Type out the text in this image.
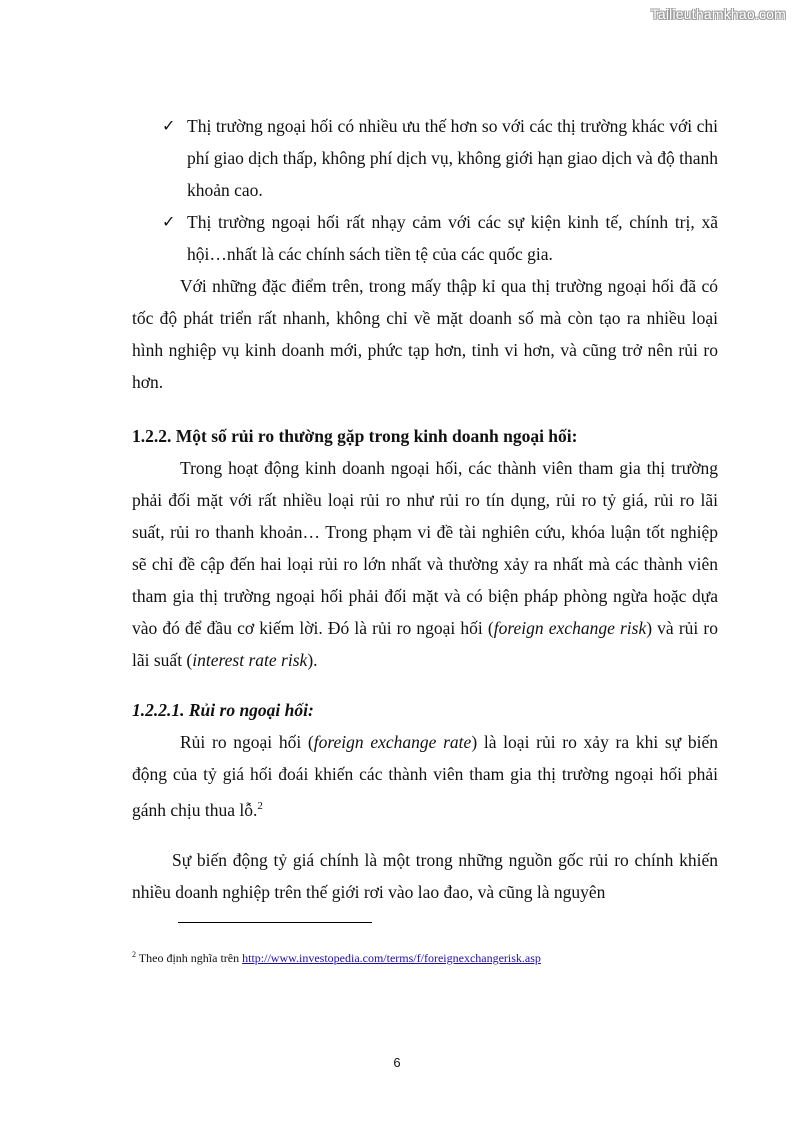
Tailieuthamkhao.com
✓ Thị trường ngoại hối có nhiều ưu thế hơn so với các thị trường khác với chi phí giao dịch thấp, không phí dịch vụ, không giới hạn giao dịch và độ thanh khoản cao.

✓ Thị trường ngoại hối rất nhạy cảm với các sự kiện kinh tế, chính trị, xã hội…nhất là các chính sách tiền tệ của các quốc gia.

Với những đặc điểm trên, trong mấy thập kỉ qua thị trường ngoại hối đã có tốc độ phát triển rất nhanh, không chỉ về mặt doanh số mà còn tạo ra nhiều loại hình nghiệp vụ kinh doanh mới, phức tạp hơn, tinh vi hơn, và cũng trở nên rủi ro hơn.

1.2.2. Một số rủi ro thường gặp trong kinh doanh ngoại hối:

Trong hoạt động kinh doanh ngoại hối, các thành viên tham gia thị trường phải đối mặt với rất nhiều loại rủi ro như rủi ro tín dụng, rủi ro tỷ giá, rủi ro lãi suất, rủi ro thanh khoản… Trong phạm vi đề tài nghiên cứu, khóa luận tốt nghiệp sẽ chỉ đề cập đến hai loại rủi ro lớn nhất và thường xảy ra nhất mà các thành viên tham gia thị trường ngoại hối phải đối mặt và có biện pháp phòng ngừa hoặc dựa vào đó để đầu cơ kiếm lời. Đó là rủi ro ngoại hối (foreign exchange risk) và rủi ro lãi suất (interest rate risk).

1.2.2.1. Rủi ro ngoại hối:

Rủi ro ngoại hối (foreign exchange rate) là loại rủi ro xảy ra khi sự biến động của tỷ giá hối đoái khiến các thành viên tham gia thị trường ngoại hối phải gánh chịu thua lỗ.$^2$

Sự biến động tỷ giá chính là một trong những nguồn gốc rủi ro chính khiến nhiều doanh nghiệp trên thế giới rơi vào lao đao, và cũng là nguyên

$^2$ Theo định nghĩa trên http://www.investopedia.com/terms/f/foreignexchangerisk.asp
6
